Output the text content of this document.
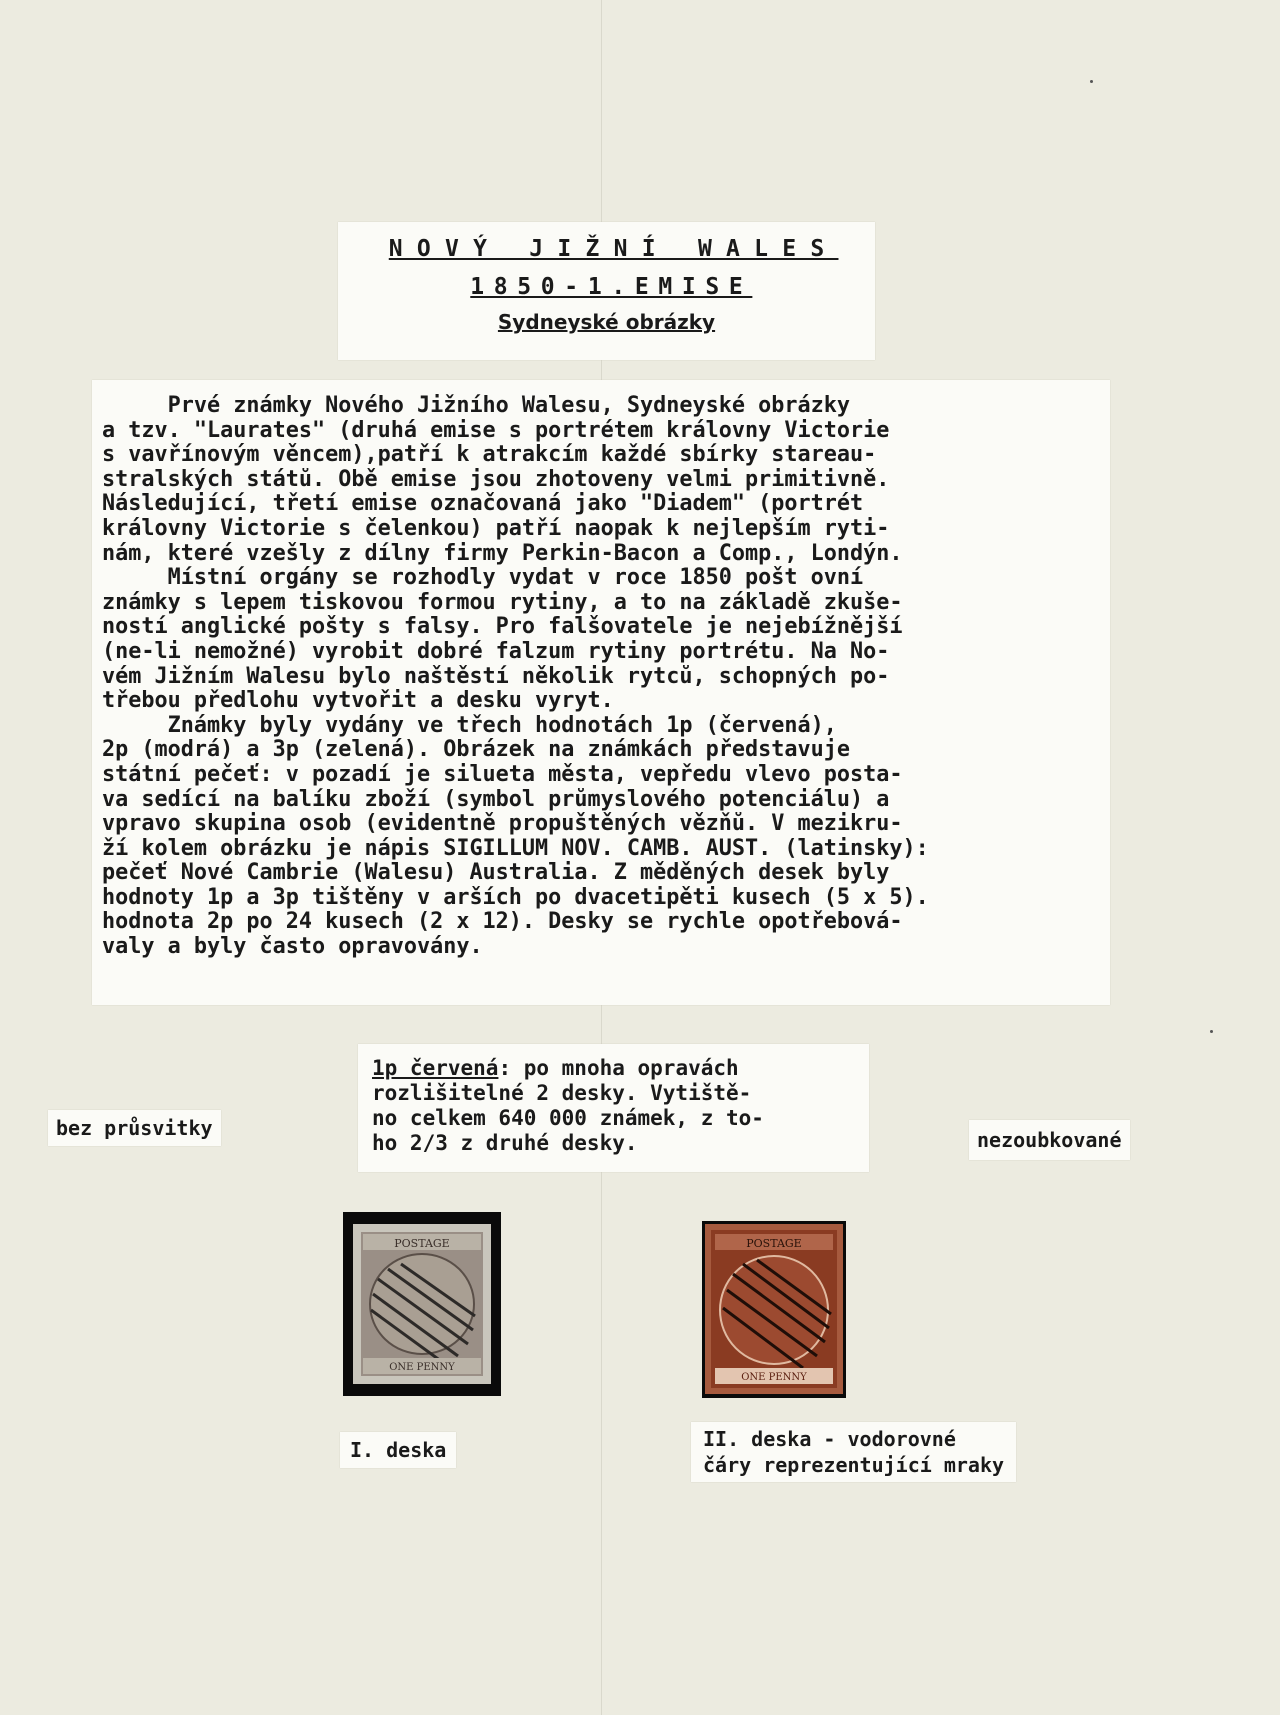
NOVÝ JIŽNÍ WALES
1850-1.EMISE
Sydneyské obrázky
Prvé známky Nového Jižního Walesu, Sydneyské obrázky
a tzv. "Laurates" (druhá emise s portrétem královny Victorie
s vavřínovým věncem),patří k atrakcím každé sbírky stareau-
stralských států. Obě emise jsou zhotoveny velmi primitivně.
Následující, třetí emise označovaná jako "Diadem" (portrét
královny Victorie s čelenkou) patří naopak k nejlepším ryti-
nám, které vzešly z dílny firmy Perkin-Bacon a Comp., Londýn.
Místní orgány se rozhodly vydat v roce 1850 pošt ovní
známky s lepem tiskovou formou rytiny, a to na základě zkuše-
ností anglické pošty s falsy. Pro falšovatele je nejebížnější
(ne-li nemožné) vyrobit dobré falzum rytiny portrétu. Na No-
vém Jižním Walesu bylo naštěstí několik rytců, schopných po-
třebou předlohu vytvořit a desku vyryt.
Známky byly vydány ve třech hodnotách 1p (červená),
2p (modrá) a 3p (zelená). Obrázek na známkách představuje
státní pečeť: v pozadí je silueta města, vepředu vlevo posta-
va sedící na balíku zboží (symbol průmyslového potenciálu) a
vpravo skupina osob (evidentně propuštěných vězňů. V mezikru-
ží kolem obrázku je nápis SIGILLUM NOV. CAMB. AUST. (latinsky):
pečeť Nové Cambrie (Walesu) Australia. Z měděných desek byly
hodnoty 1p a 3p tištěny v arších po dvacetipěti kusech (5 x 5).
hodnota 2p po 24 kusech (2 x 12). Desky se rychle opotřebová-
valy a byly často opravovány.
1p červená: po mnoha opravách
rozlišitelné 2 desky. Vytiště-
no celkem 640 000 známek, z to-
ho 2/3 z druhé desky.
bez průsvitky	nezoubkované
POSTAGE
ONE PENNY
POSTAGE
ONE PENNY
I. deska	II. deska - vodorovné
čáry reprezentující mraky
